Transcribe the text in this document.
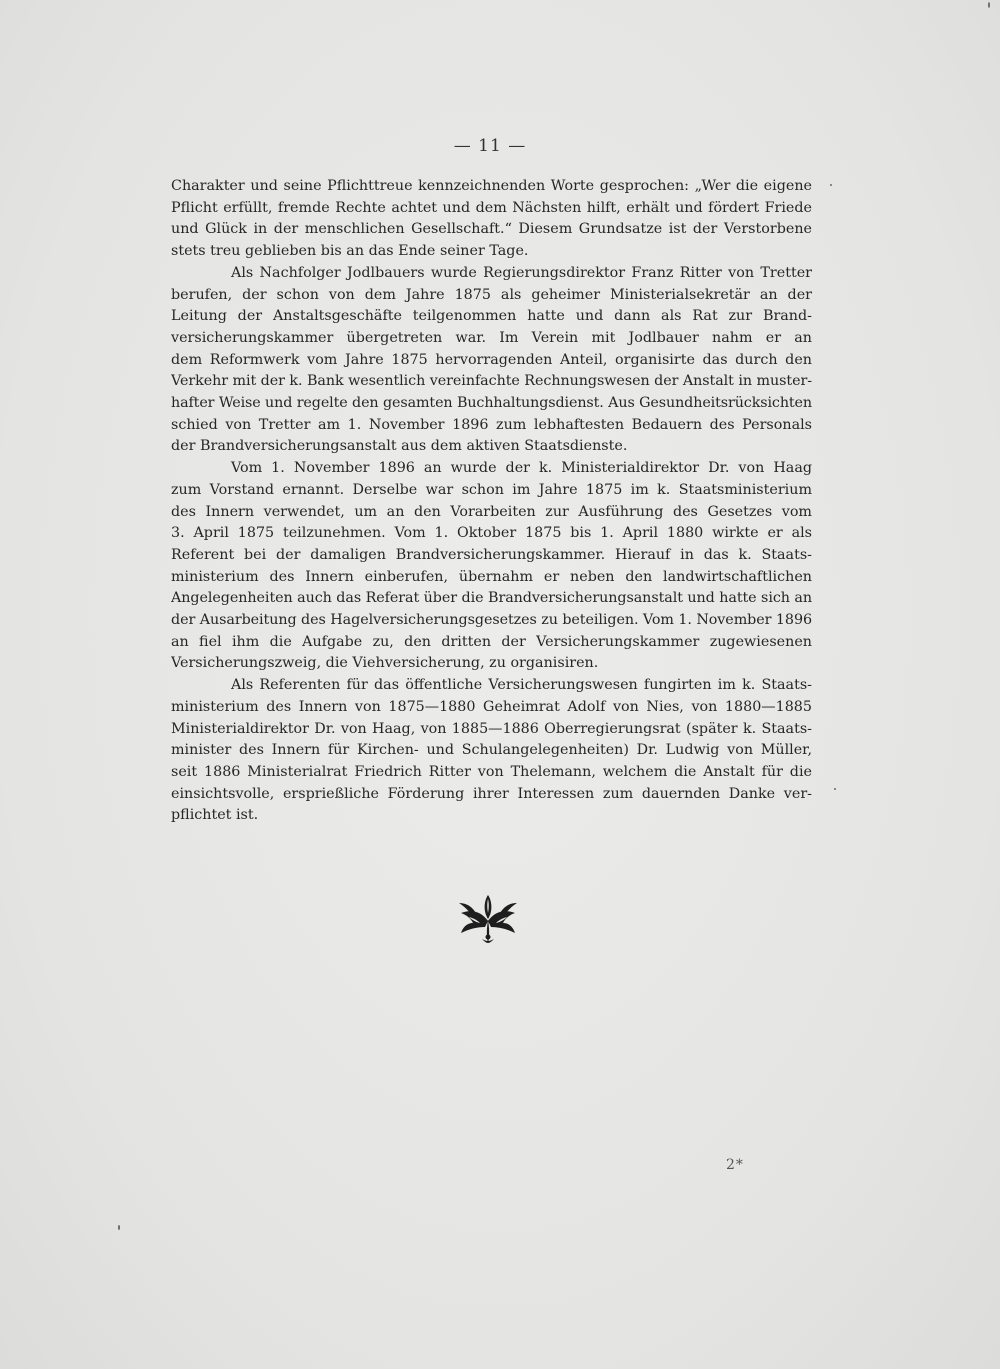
— 11 —
Charakter und seine Pflichttreue kennzeichnenden Worte gesprochen: „Wer die eigene
Pflicht erfüllt, fremde Rechte achtet und dem Nächsten hilft, erhält und fördert Friede
und Glück in der menschlichen Gesellschaft.“ Diesem Grundsatze ist der Verstorbene
stets treu geblieben bis an das Ende seiner Tage.
Als Nachfolger Jodlbauers wurde Regierungsdirektor Franz Ritter von Tretter
berufen, der schon von dem Jahre 1875 als geheimer Ministerialsekretär an der
Leitung der Anstaltsgeschäfte teilgenommen hatte und dann als Rat zur Brand-
versicherungskammer übergetreten war. Im Verein mit Jodlbauer nahm er an
dem Reformwerk vom Jahre 1875 hervorragenden Anteil, organisirte das durch den
Verkehr mit der k. Bank wesentlich vereinfachte Rechnungswesen der Anstalt in muster-
hafter Weise und regelte den gesamten Buchhaltungsdienst. Aus Gesundheitsrücksichten
schied von Tretter am 1. November 1896 zum lebhaftesten Bedauern des Personals
der Brandversicherungsanstalt aus dem aktiven Staatsdienste.
Vom 1. November 1896 an wurde der k. Ministerialdirektor Dr. von Haag
zum Vorstand ernannt. Derselbe war schon im Jahre 1875 im k. Staatsministerium
des Innern verwendet, um an den Vorarbeiten zur Ausführung des Gesetzes vom
3. April 1875 teilzunehmen. Vom 1. Oktober 1875 bis 1. April 1880 wirkte er als
Referent bei der damaligen Brandversicherungskammer. Hierauf in das k. Staats-
ministerium des Innern einberufen, übernahm er neben den landwirtschaftlichen
Angelegenheiten auch das Referat über die Brandversicherungsanstalt und hatte sich an
der Ausarbeitung des Hagelversicherungsgesetzes zu beteiligen. Vom 1. November 1896
an fiel ihm die Aufgabe zu, den dritten der Versicherungskammer zugewiesenen
Versicherungszweig, die Viehversicherung, zu organisiren.
Als Referenten für das öffentliche Versicherungswesen fungirten im k. Staats-
ministerium des Innern von 1875—1880 Geheimrat Adolf von Nies, von 1880—1885
Ministerialdirektor Dr. von Haag, von 1885—1886 Oberregierungsrat (später k. Staats-
minister des Innern für Kirchen- und Schulangelegenheiten) Dr. Ludwig von Müller,
seit 1886 Ministerialrat Friedrich Ritter von Thelemann, welchem die Anstalt für die
einsichtsvolle, ersprießliche Förderung ihrer Interessen zum dauernden Danke ver-
pflichtet ist.
2*
